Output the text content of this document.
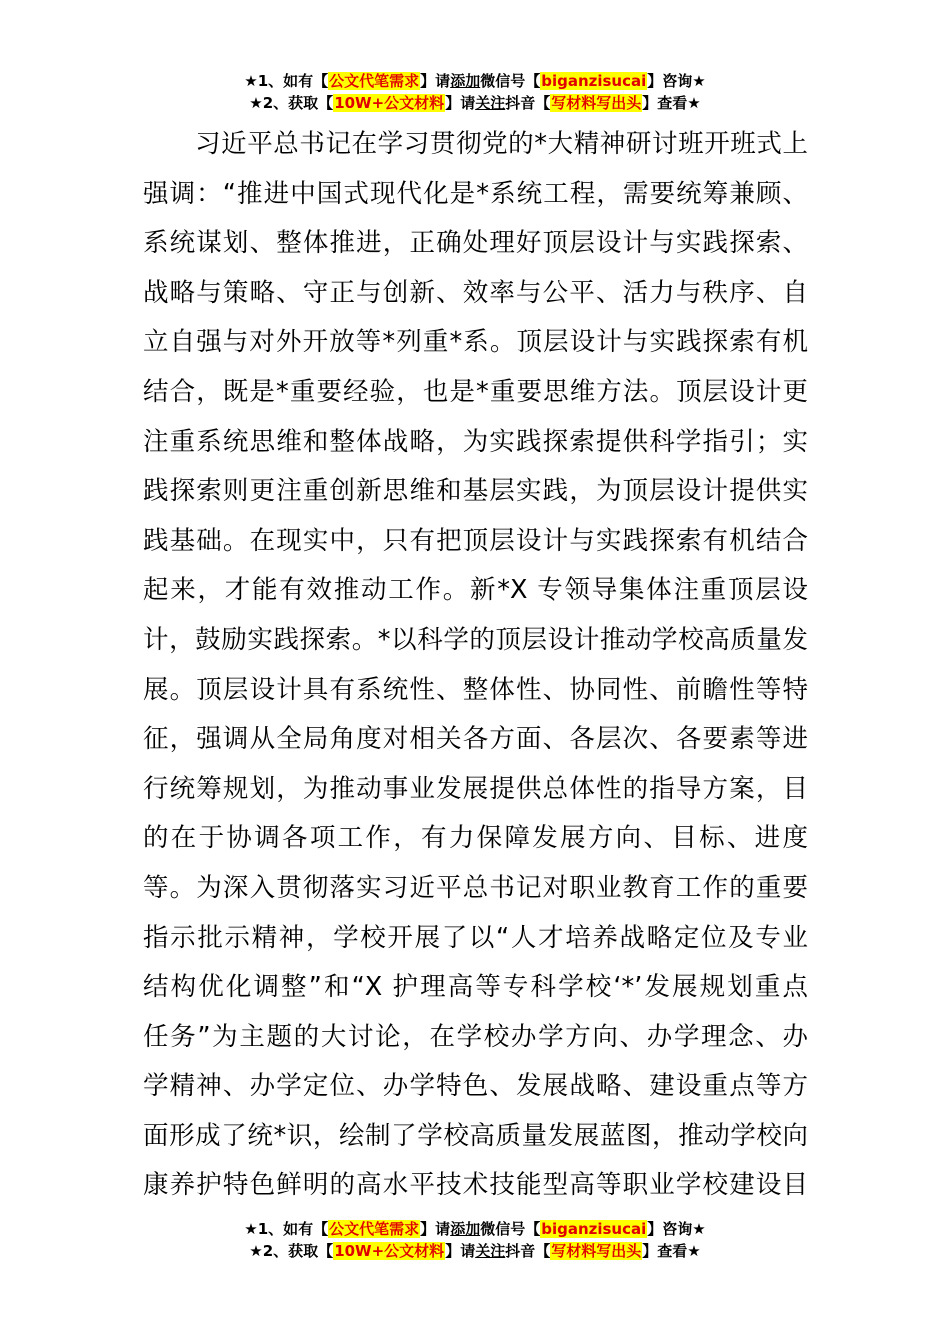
★1、如有【公文代笔需求】请添加微信号【biganzisucai】咨询★
★2、获取【10W+公文材料】请关注抖音【写材料写出头】查看★
习近平总书记在学习贯彻党的*大精神研讨班开班式上
强调：“推进中国式现代化是*系统工程，需要统筹兼顾、
系统谋划、整体推进，正确处理好顶层设计与实践探索、
战略与策略、守正与创新、效率与公平、活力与秩序、自
立自强与对外开放等*列重*系。顶层设计与实践探索有机
结合，既是*重要经验，也是*重要思维方法。顶层设计更
注重系统思维和整体战略，为实践探索提供科学指引；实
践探索则更注重创新思维和基层实践，为顶层设计提供实
践基础。在现实中，只有把顶层设计与实践探索有机结合
起来，才能有效推动工作。新*X 专领导集体注重顶层设
计，鼓励实践探索。*以科学的顶层设计推动学校高质量发
展。顶层设计具有系统性、整体性、协同性、前瞻性等特
征，强调从全局角度对相关各方面、各层次、各要素等进
行统筹规划，为推动事业发展提供总体性的指导方案，目
的在于协调各项工作，有力保障发展方向、目标、进度
等。为深入贯彻落实习近平总书记对职业教育工作的重要
指示批示精神，学校开展了以“人才培养战略定位及专业
结构优化调整”和“X 护理高等专科学校‘*’发展规划重点
任务”为主题的大讨论，在学校办学方向、办学理念、办
学精神、办学定位、办学特色、发展战略、建设重点等方
面形成了统*识，绘制了学校高质量发展蓝图，推动学校向
康养护特色鲜明的高水平技术技能型高等职业学校建设目
★1、如有【公文代笔需求】请添加微信号【biganzisucai】咨询★
★2、获取【10W+公文材料】请关注抖音【写材料写出头】查看★
